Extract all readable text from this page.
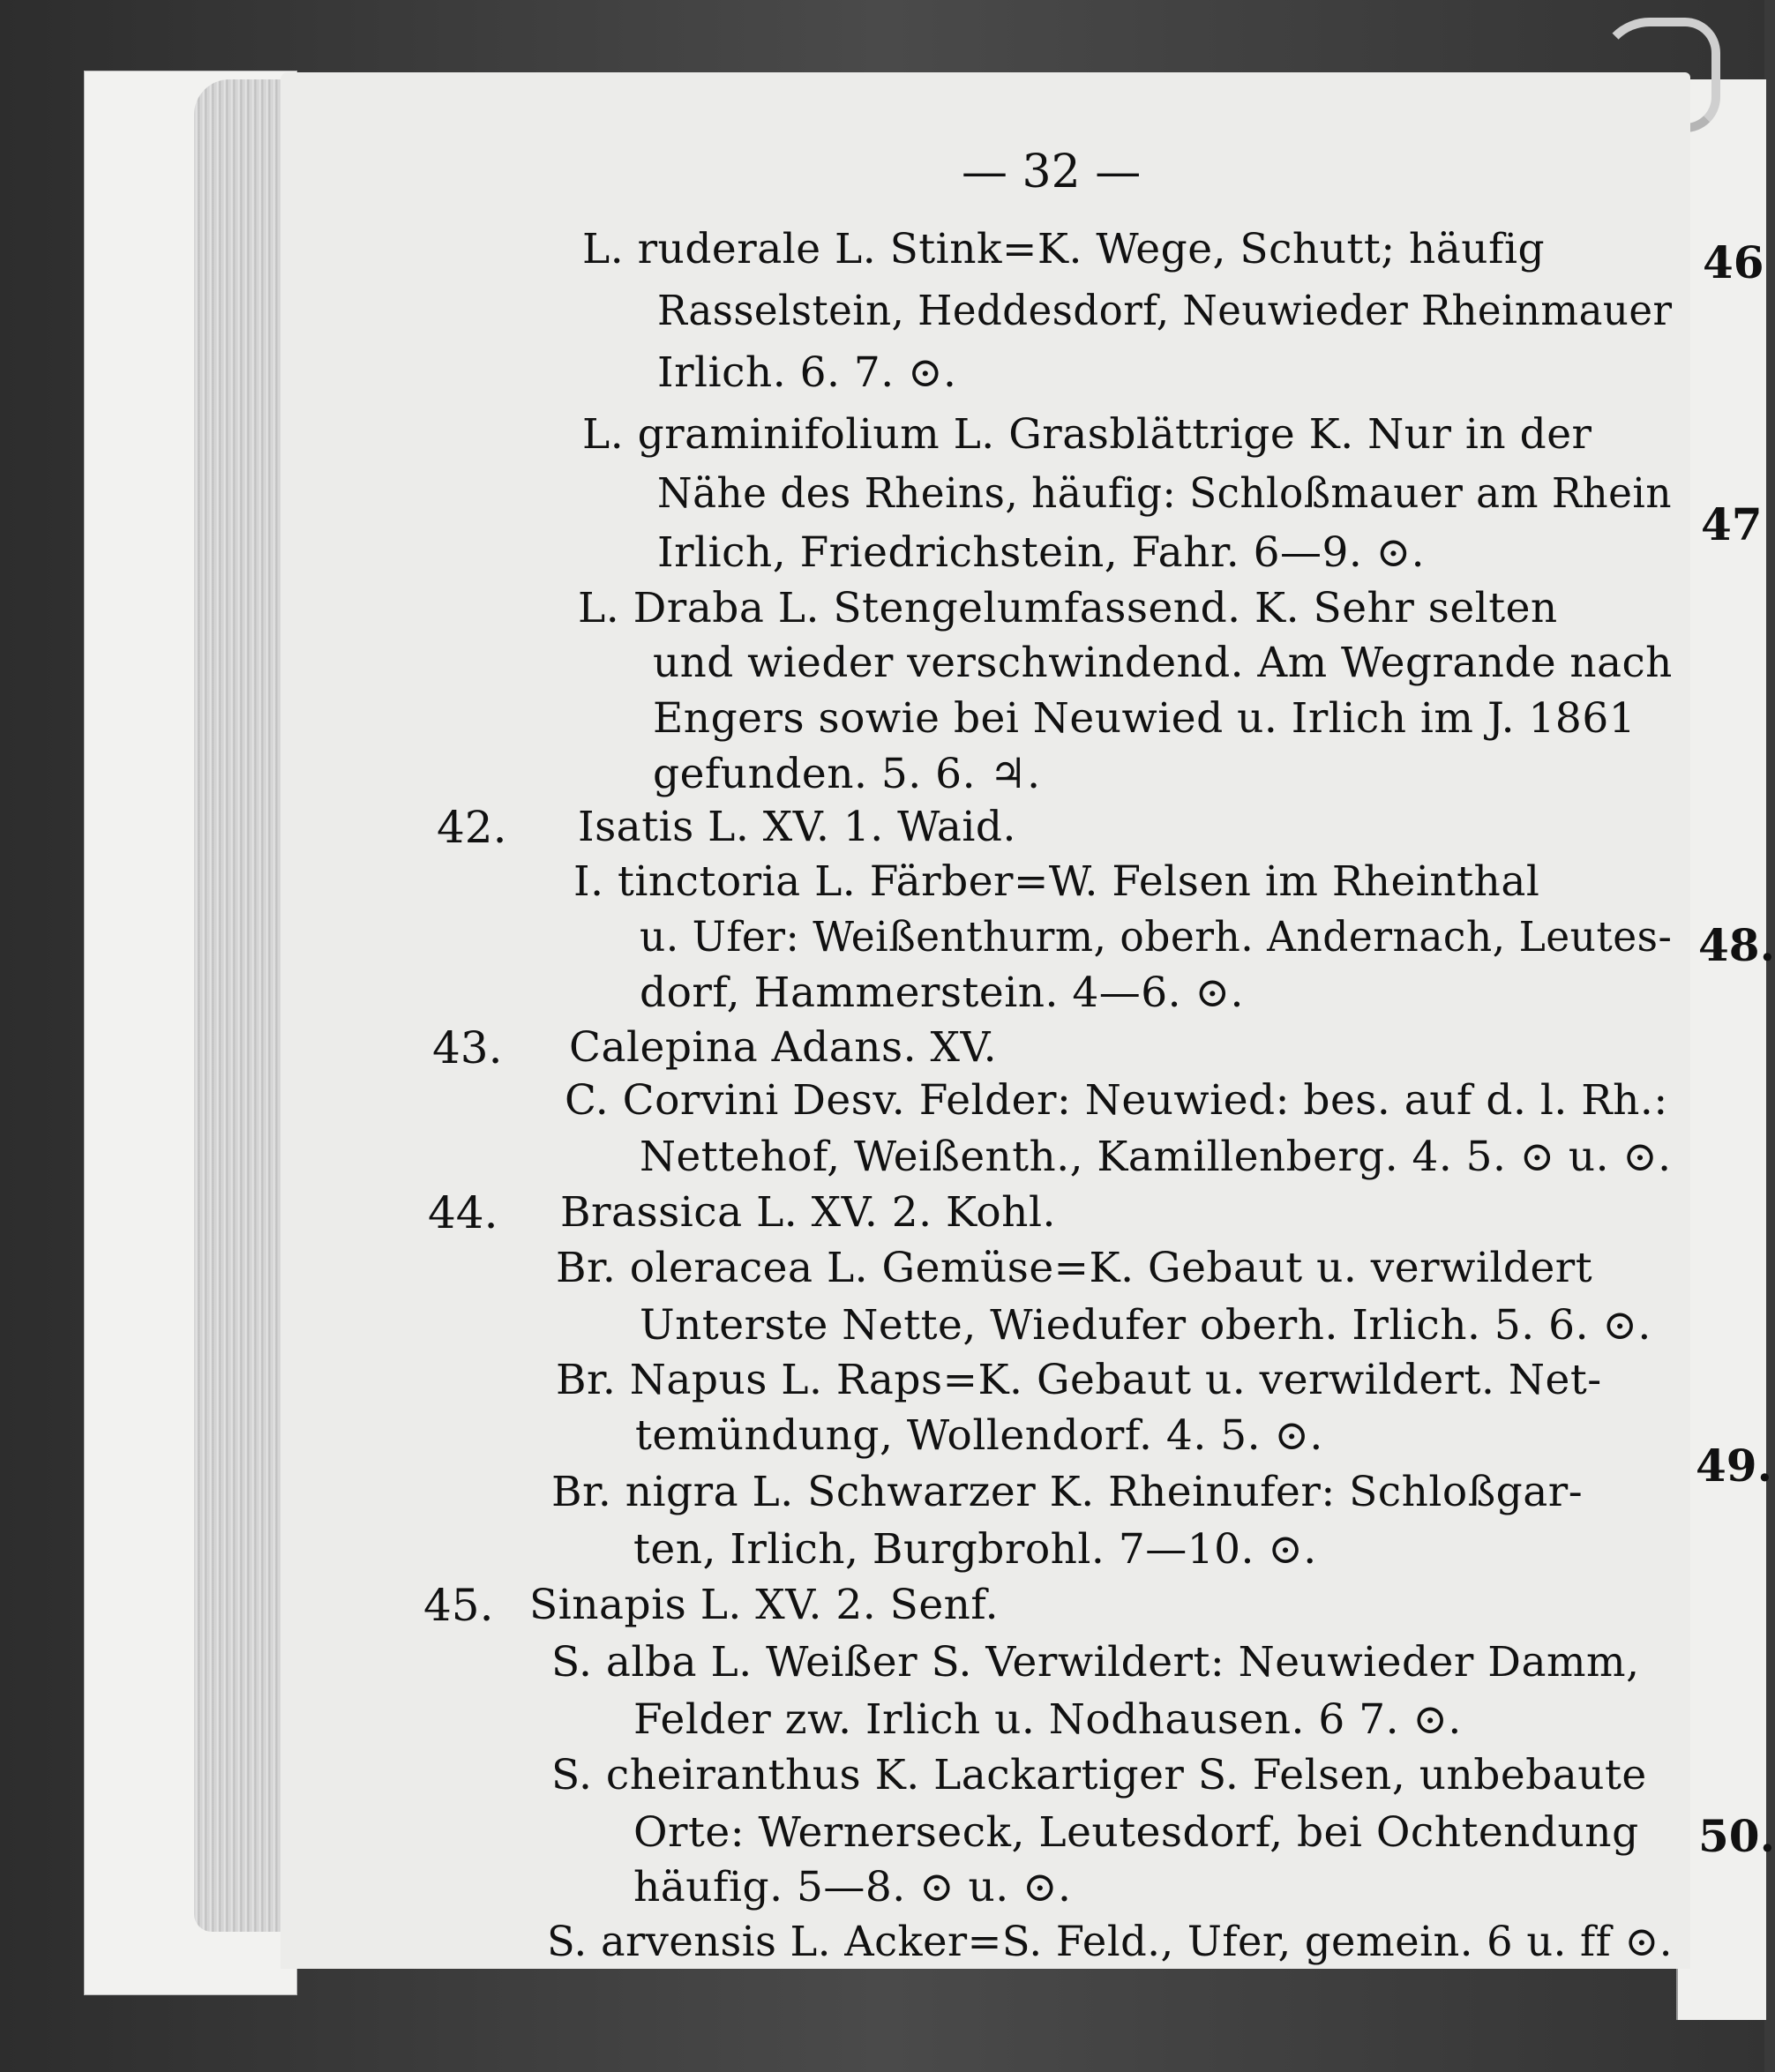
— 32 —
L. ruderale L. Stink=K. Wege, Schutt; häufig
Rasselstein, Heddesdorf, Neuwieder Rheinmauer
Irlich. 6. 7. ⊙.
L. graminifolium L. Grasblättrige K. Nur in der
Nähe des Rheins, häufig: Schloßmauer am Rhein
Irlich, Friedrichstein, Fahr. 6—9. ⊙.
L. Draba L. Stengelumfassend. K. Sehr selten
und wieder verschwindend. Am Wegrande nach
Engers sowie bei Neuwied u. Irlich im J. 1861
gefunden. 5. 6. ♃.
42. Isatis L. XV. 1. Waid.
I. tinctoria L. Färber=W. Felsen im Rheinthal
u. Ufer: Weißenthurm, oberh. Andernach, Leutes-
dorf, Hammerstein. 4—6. ⊙.
43. Calepina Adans. XV.
C. Corvini Desv. Felder: Neuwied: bes. auf d. l. Rh.:
Nettehof, Weißenth., Kamillenberg. 4. 5. ⊙ u. ⊙.
44. Brassica L. XV. 2. Kohl.
Br. oleracea L. Gemüse=K. Gebaut u. verwildert
Unterste Nette, Wiedufer oberh. Irlich. 5. 6. ⊙.
Br. Napus L. Raps=K. Gebaut u. verwildert. Net-
temündung, Wollendorf. 4. 5. ⊙.
Br. nigra L. Schwarzer K. Rheinufer: Schloßgar-
ten, Irlich, Burgbrohl. 7—10. ⊙.
45. Sinapis L. XV. 2. Senf.
S. alba L. Weißer S. Verwildert: Neuwieder Damm,
Felder zw. Irlich u. Nodhausen. 6 7. ⊙.
S. cheiranthus K. Lackartiger S. Felsen, unbebaute
Orte: Wernerseck, Leutesdorf, bei Ochtendung
häufig. 5—8. ⊙ u. ⊙.
S. arvensis L. Acker=S. Feld., Ufer, gemein. 6 u. ff ⊙.
46
47
48.
49.
50.
